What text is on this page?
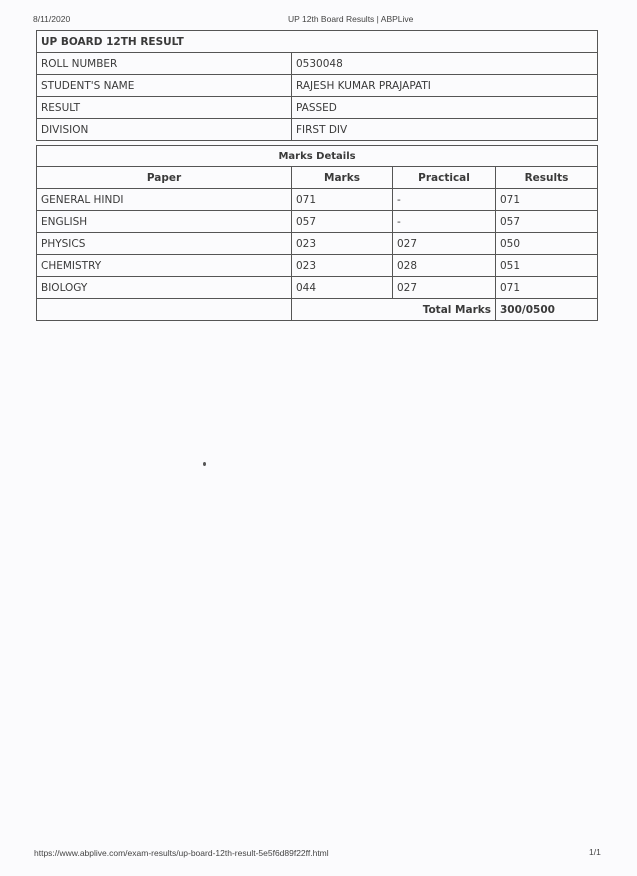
8/11/2020	UP 12th Board Results | ABPLive
UP BOARD 12TH RESULT	
ROLL NUMBER	0530048
STUDENT'S NAME	RAJESH KUMAR PRAJAPATI
RESULT	PASSED
DIVISION	FIRST DIV
Marks Details			
Paper	Marks	Practical	Results
GENERAL HINDI	071	-	071
ENGLISH	057	-	057
PHYSICS	023	027	050
CHEMISTRY	023	028	051
BIOLOGY	044	027	071
	Total Marks		300/0500
https://www.abplive.com/exam-results/up-board-12th-result-5e5f6d89f22ff.html	1/1
